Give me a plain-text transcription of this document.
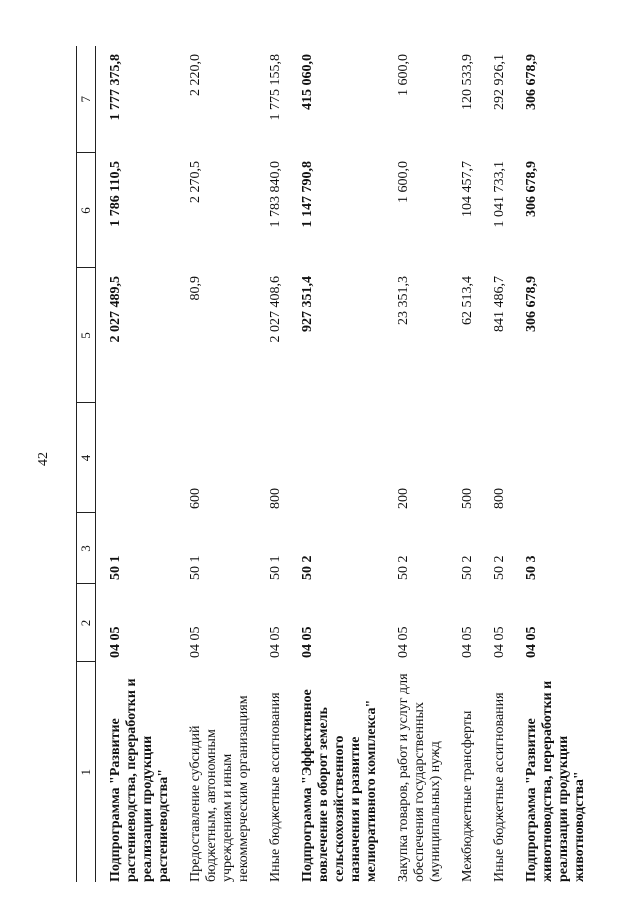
42
1	2	3	4	5	6	7
Подпрограмма "Развитие растениеводства, переработки и реализации продукции растениеводства"	04 05	50 1		2 027 489,5	1 786 110,5	1 777 375,8
Предоставление субсидий бюджетным, автономным учреждениям и иным некоммерческим организациям	04 05	50 1	600	80,9	2 270,5	2 220,0
Иные бюджетные ассигнования	04 05	50 1	800	2 027 408,6	1 783 840,0	1 775 155,8
Подпрограмма "Эффективное вовлечение в оборот земель сельскохозяйственного назначения и развитие мелиоративного комплекса"	04 05	50 2		927 351,4	1 147 790,8	415 060,0
Закупка товаров, работ и услуг для обеспечения государственных (муниципальных) нужд	04 05	50 2	200	23 351,3	1 600,0	1 600,0
Межбюджетные трансферты	04 05	50 2	500	62 513,4	104 457,7	120 533,9
Иные бюджетные ассигнования	04 05	50 2	800	841 486,7	1 041 733,1	292 926,1
Подпрограмма "Развитие животноводства, переработки и реализации продукции животноводства"	04 05	50 3		306 678,9	306 678,9	306 678,9
